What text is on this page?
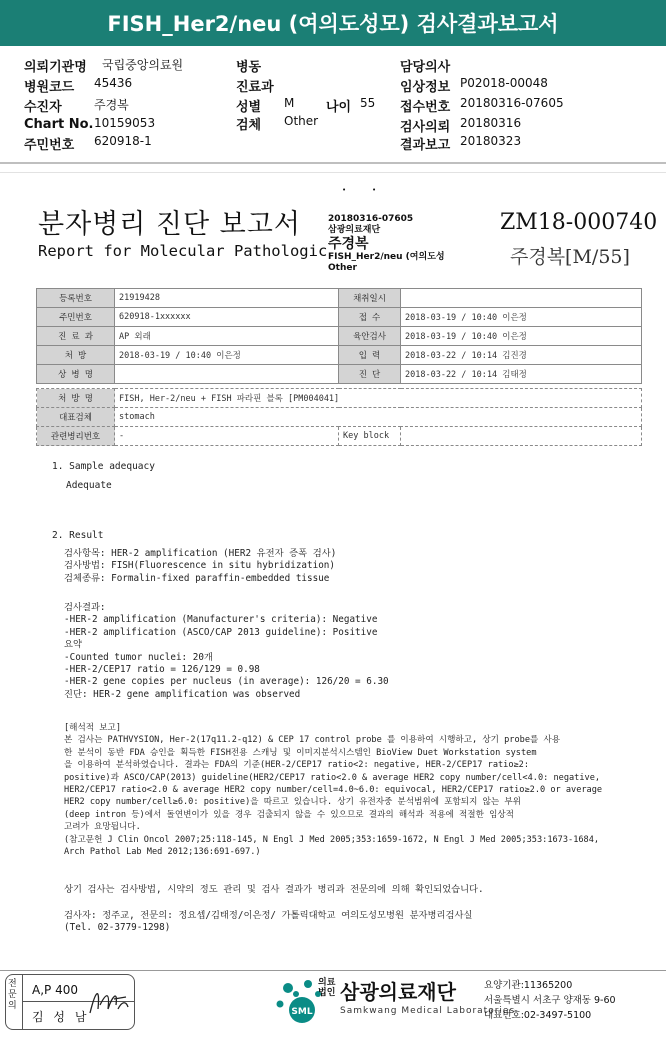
FISH_Her2/neu (여의도성모) 검사결과보고서
의뢰기관명 국립중앙의료원
병원코드 45436
수진자	주경복
Chart No. 10159053
주민번호 620918-1
병동
진료과
성별 M 나이 55
검체 Other
담당의사
임상정보 P02018-00048
접수번호 20180316-07605
검사의뢰 20180316
결과보고 20180323
•	•
분자병리 진단 보고서
Report for Molecular Pathologic
20180316-07605
삼광의료재단
주경복
FISH_Her2/neu (여의도성
Other
ZM18-000740
주경복[M/55]
등록번호	21919428	채취일시	
주민번호	620918-1xxxxxx	접 수	2018-03-19 / 10:40 이은정
진 료 과	AP 외래	육안검사	2018-03-19 / 10:40 이은정
처 방	2018-03-19 / 10:40 이은정	입 력	2018-03-22 / 10:14 김진경
상 병 명		진 단	2018-03-22 / 10:14 김태정
처 방 명	FISH, Her-2/neu + FISH 파라핀 블록 [PM004041]		
대표검체	stomach		
관련병리번호	-	Key block	
1. Sample adequacy
Adequate
2. Result
검사항목: HER-2 amplification (HER2 유전자 증폭 검사)
검사방법: FISH(Fluorescence in situ hybridization)
검체종류: Formalin-fixed paraffin-embedded tissue
검사결과:
-HER-2 amplification (Manufacturer's criteria): Negative
-HER-2 amplification (ASCO/CAP 2013 guideline): Positive
요약
-Counted tumor nuclei: 20개
-HER-2/CEP17 ratio = 126/129 = 0.98
-HER-2 gene copies per nucleus (in average): 126/20 = 6.30
진단: HER-2 gene amplification was observed
[해석적 보고]
본 검사는 PATHVYSION, Her-2(17q11.2-q12) & CEP 17 control probe 를 이용하여 시행하고, 상기 probe를 사용
한 분석이 동반 FDA 승인을 획득한 FISH전용 스캐닝 및 이미지분석시스템인 BioView Duet Workstation system
을 이용하여 분석하였습니다. 결과는 FDA의 기준(HER-2/CEP17 ratio<2: negative, HER-2/CEP17 ratio≥2:
positive)과 ASCO/CAP(2013) guideline(HER2/CEP17 ratio<2.0 & average HER2 copy number/cell<4.0: negative,
HER2/CEP17 ratio<2.0 & average HER2 copy number/cell=4.0~6.0: equivocal, HER2/CEP17 ratio≥2.0 or average
HER2 copy number/cell≥6.0: positive)을 따르고 있습니다. 상기 유전자중 분석범위에 포함되지 않는 부위
(deep intron 등)에서 돌연변이가 있을 경우 검출되지 않을 수 있으므로 결과의 해석과 적용에 적절한 임상적
고려가 요망됩니다.
(참고문헌 J Clin Oncol 2007;25:118-145, N Engl J Med 2005;353:1659-1672, N Engl J Med 2005;353:1673-1684,
Arch Pathol Lab Med 2012;136:691-697.)
상기 검사는 검사방법, 시약의 정도 관리 및 검사 결과가 병리과 전문의에 의해 확인되었습니다.
검사자: 정주교, 전문의: 정요셉/김태정/이은정/ 가톨릭대학교 여의도성모병원 분자병리검사실
(Tel. 02-3779-1298)
전문의
A,P 400
김 성 남	SML
의료법인 삼광의료재단
Samkwang Medical Laboratories
요양기관:11365200
서울특별시 서초구 양재동 9-60
대표번호:02-3497-5100
